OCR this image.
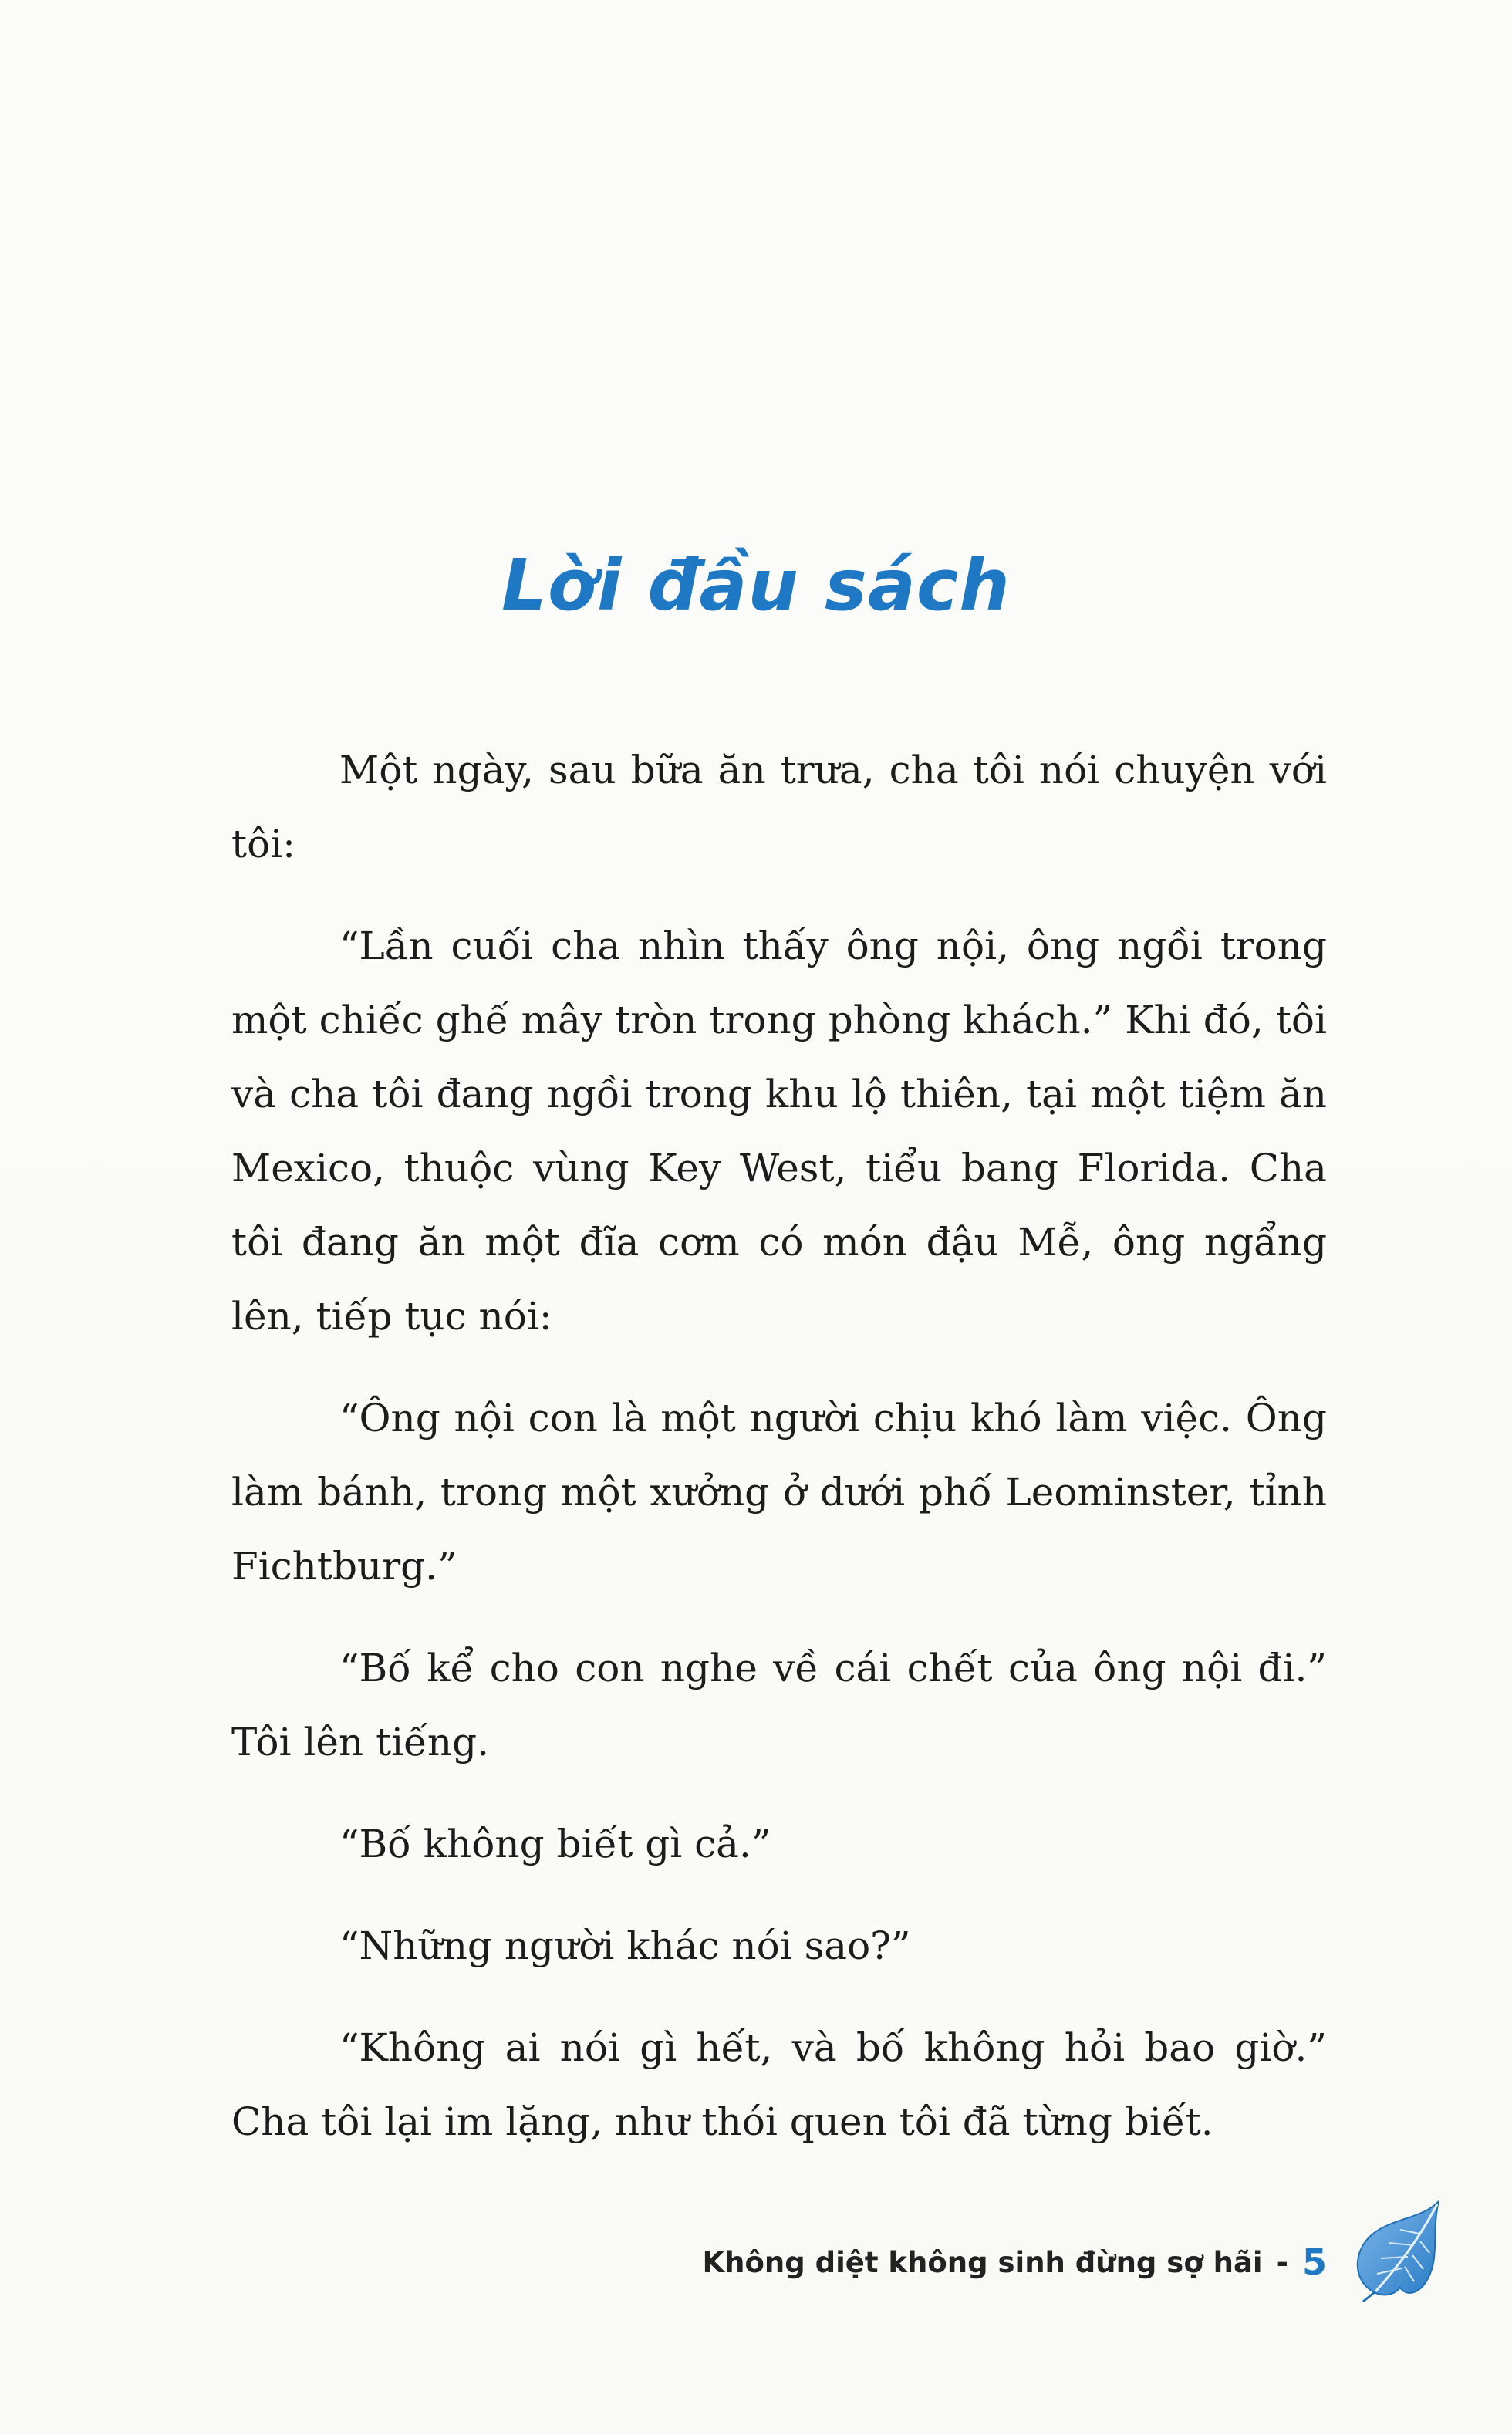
Lời đầu sách

Một ngày, sau bữa ăn trưa, cha tôi nói chuyện với tôi:

“Lần cuối cha nhìn thấy ông nội, ông ngồi trong một chiếc ghế mây tròn trong phòng khách.” Khi đó, tôi và cha tôi đang ngồi trong khu lộ thiên, tại một tiệm ăn Mexico, thuộc vùng Key West, tiểu bang Florida. Cha tôi đang ăn một đĩa cơm có món đậu Mễ, ông ngẩng lên, tiếp tục nói:

“Ông nội con là một người chịu khó làm việc. Ông làm bánh, trong một xưởng ở dưới phố Leominster, tỉnh Fichtburg.”

“Bố kể cho con nghe về cái chết của ông nội đi.” Tôi lên tiếng.

“Bố không biết gì cả.”

“Những người khác nói sao?”

“Không ai nói gì hết, và bố không hỏi bao giờ.” Cha tôi lại im lặng, như thói quen tôi đã từng biết.

Không diệt không sinh đừng sợ hãi - 5
